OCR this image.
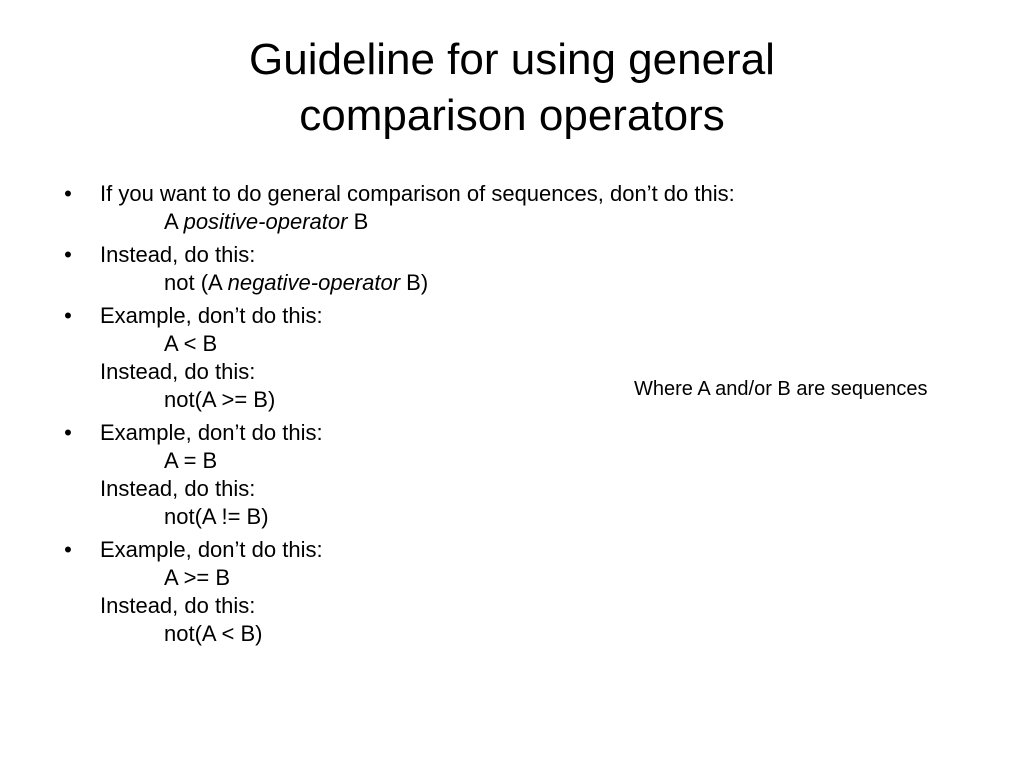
Guideline for using general
comparison operators
• If you want to do general comparison of sequences, don’t do this:
A positive-operator B
• Instead, do this:
not (A negative-operator B)
• Example, don’t do this:
A < B
Instead, do this:
not(A >= B)
• Example, don’t do this:
A = B
Instead, do this:
not(A != B)
• Example, don’t do this:
A >= B
Instead, do this:
not(A < B)
Where A and/or B are sequences
